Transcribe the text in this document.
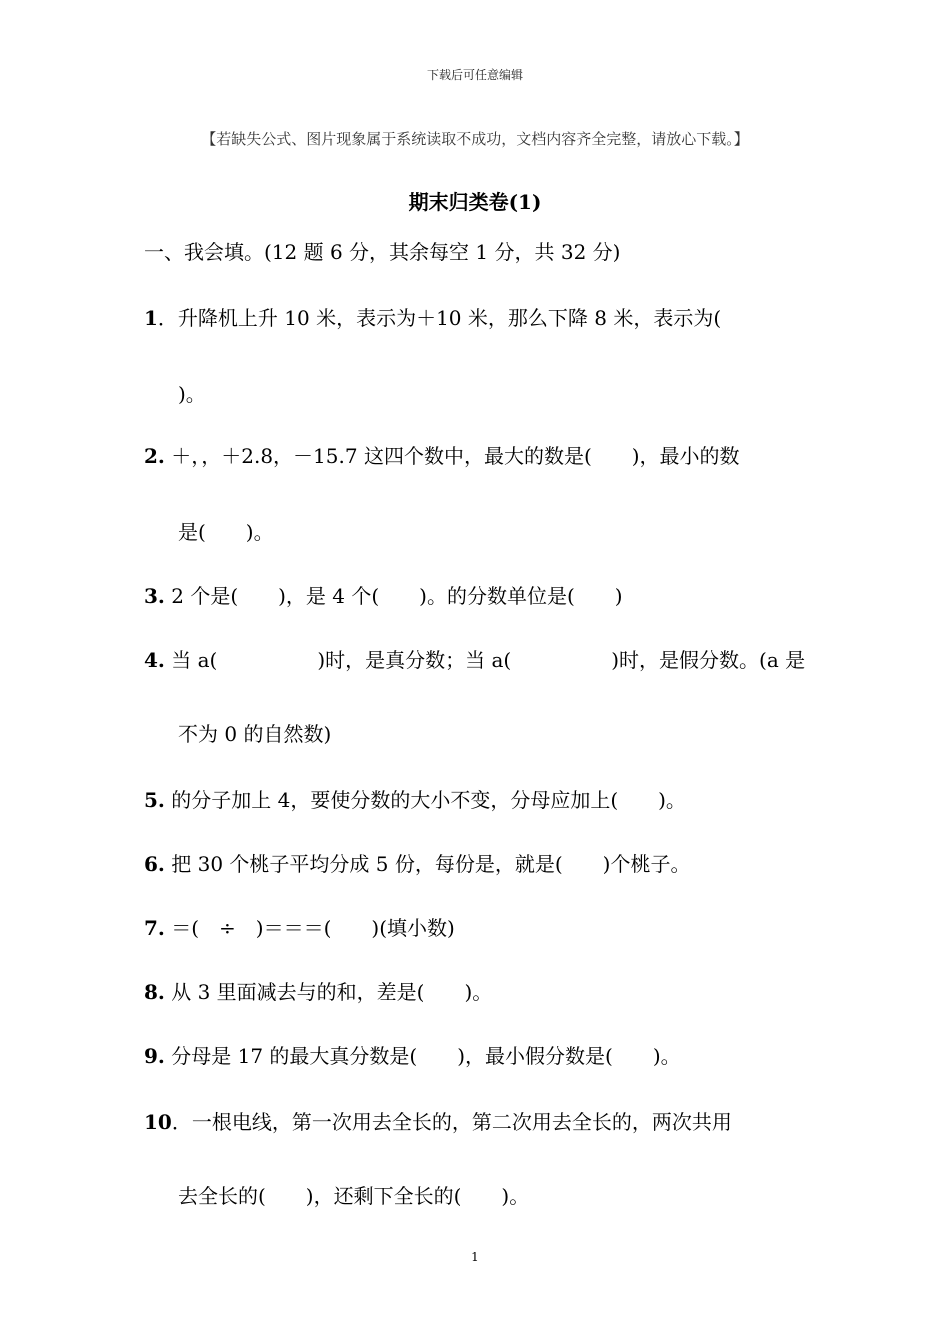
下载后可任意编辑
【若缺失公式、图片现象属于系统读取不成功，文档内容齐全完整，请放心下载。】
期末归类卷(1)
一、我会填。(12 题 6 分，其余每空 1 分，共 32 分)
1．升降机上升 10 米，表示为＋10 米，那么下降 8 米，表示为(
)。
2. ＋，，＋2.8，－15.7 这四个数中，最大的数是(　　)，最小的数
是(　　)。
3. 2 个是(　　)，是 4 个(　　)。的分数单位是(　　)
4. 当 a(　　　　　)时，是真分数；当 a(　　　　　)时，是假分数。(a 是
不为 0 的自然数)
5. 的分子加上 4，要使分数的大小不变，分母应加上(　　)。
6. 把 30 个桃子平均分成 5 份，每份是，就是(　　)个桃子。
7. ＝(　÷　)＝＝＝(　　)(填小数)
8. 从 3 里面减去与的和，差是(　　)。
9. 分母是 17 的最大真分数是(　　)，最小假分数是(　　)。
10．一根电线，第一次用去全长的，第二次用去全长的，两次共用
去全长的(　　)，还剩下全长的(　　)。
1
